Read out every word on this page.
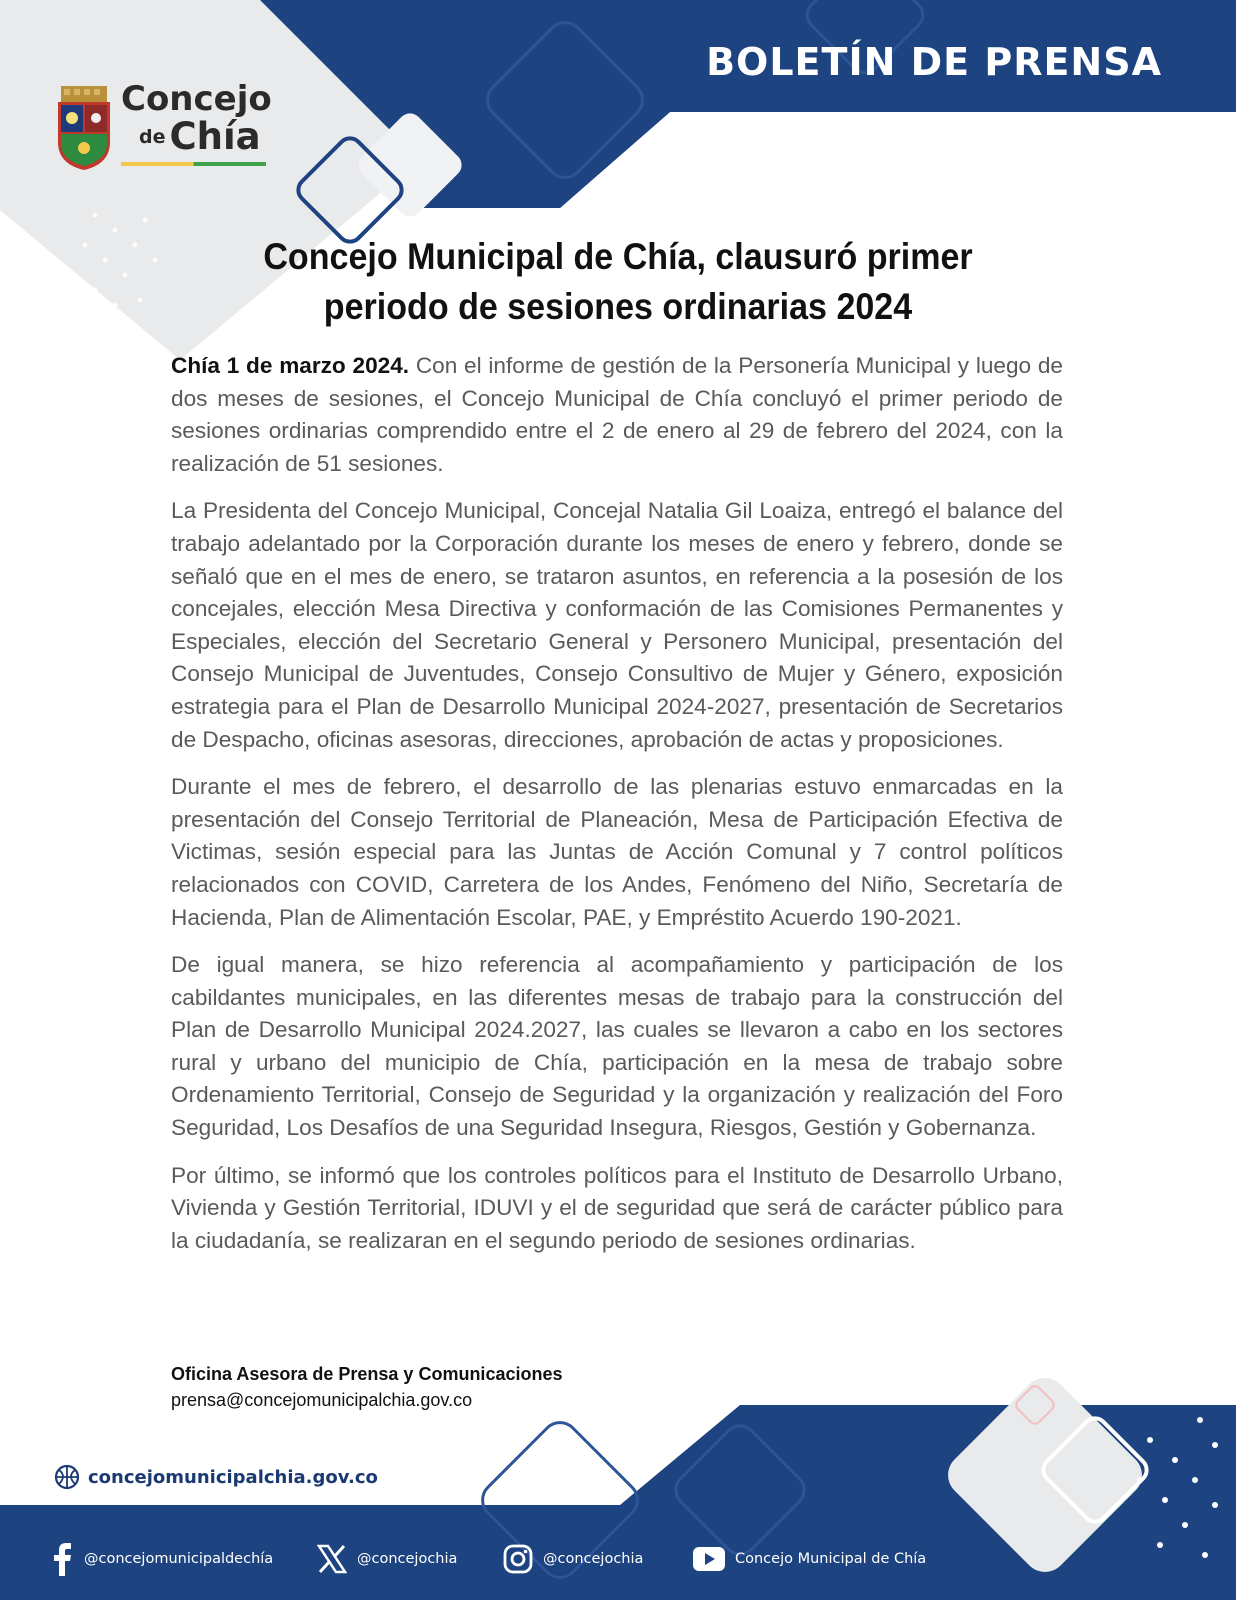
BOLETÍN DE PRENSA
Concejo
de Chía
Concejo Municipal de Chía, clausuró primer periodo de sesiones ordinarias 2024

Chía 1 de marzo 2024. Con el informe de gestión de la Personería Municipal y luego de dos meses de sesiones, el Concejo Municipal de Chía concluyó el primer periodo de sesiones ordinarias comprendido entre el 2 de enero al 29 de febrero del 2024, con la realización de 51 sesiones.

La Presidenta del Concejo Municipal, Concejal Natalia Gil Loaiza, entregó el balance del trabajo adelantado por la Corporación durante los meses de enero y febrero, donde se señaló que en el mes de enero, se trataron asuntos, en referencia a la posesión de los concejales, elección Mesa Directiva y conformación de las Comisiones Permanentes y Especiales, elección del Secretario General y Personero Municipal, presentación del Consejo Municipal de Juventudes, Consejo Consultivo de Mujer y Género, exposición estrategia para el Plan de Desarrollo Municipal 2024-2027, presentación de Secretarios de Despacho, oficinas asesoras, direcciones, aprobación de actas y proposiciones.

Durante el mes de febrero, el desarrollo de las plenarias estuvo enmarcadas en la presentación del Consejo Territorial de Planeación, Mesa de Participación Efectiva de Victimas, sesión especial para las Juntas de Acción Comunal y 7 control políticos relacionados con COVID, Carretera de los Andes, Fenómeno del Niño, Secretaría de Hacienda, Plan de Alimentación Escolar, PAE, y Empréstito Acuerdo 190-2021.

De igual manera, se hizo referencia al acompañamiento y participación de los cabildantes municipales, en las diferentes mesas de trabajo para la construcción del Plan de Desarrollo Municipal 2024.2027, las cuales se llevaron a cabo en los sectores rural y urbano del municipio de Chía, participación en la mesa de trabajo sobre Ordenamiento Territorial, Consejo de Seguridad y la organización y realización del Foro Seguridad, Los Desafíos de una Seguridad Insegura, Riesgos, Gestión y Gobernanza.

Por último, se informó que los controles políticos para el Instituto de Desarrollo Urbano, Vivienda y Gestión Territorial, IDUVI y el de seguridad que será de carácter público para la ciudadanía, se realizaran en el segundo periodo de sesiones ordinarias.

Oficina Asesora de Prensa y Comunicaciones
prensa@concejomunicipalchia.gov.co
concejomunicipalchia.gov.co
@concejomunicipaldechía	@concejochia	@concejochia	Concejo Municipal de Chía
